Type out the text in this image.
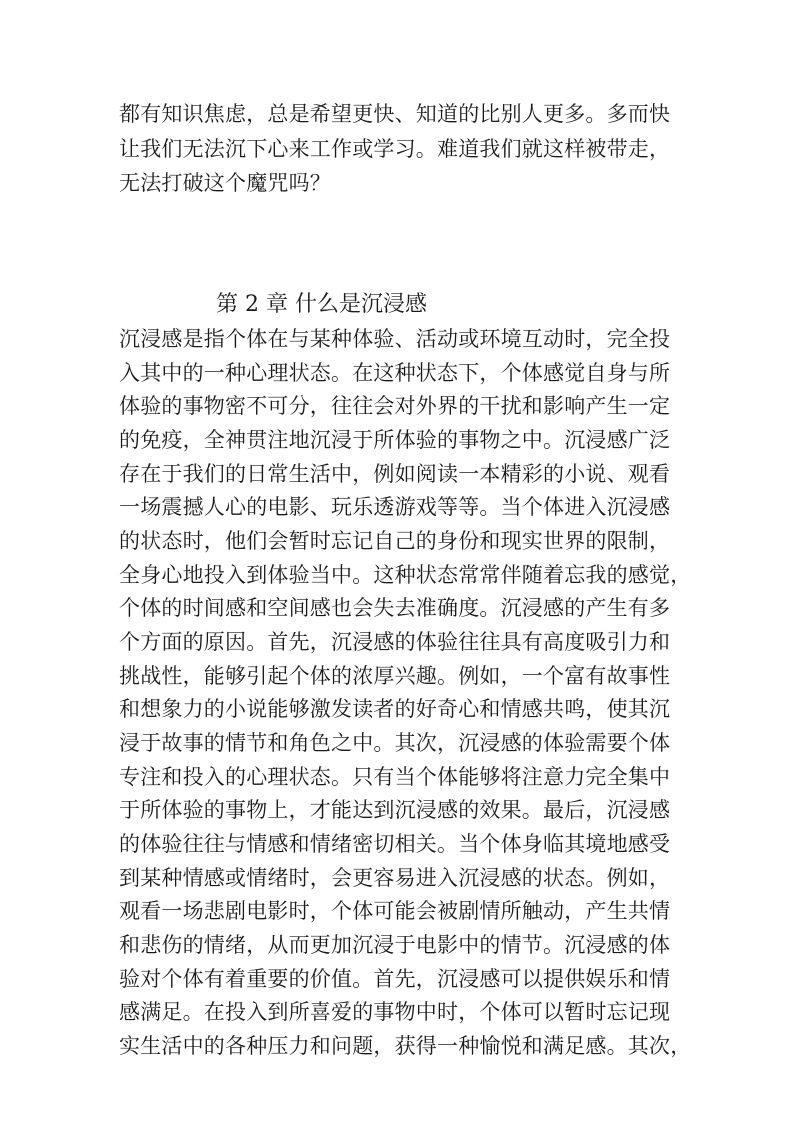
都有知识焦虑，总是希望更快、知道的比别人更多。多而快
让我们无法沉下心来工作或学习。难道我们就这样被带走，
无法打破这个魔咒吗？
第 2 章 什么是沉浸感
沉浸感是指个体在与某种体验、活动或环境互动时，完全投
入其中的一种心理状态。在这种状态下，个体感觉自身与所
体验的事物密不可分，往往会对外界的干扰和影响产生一定
的免疫，全神贯注地沉浸于所体验的事物之中。沉浸感广泛
存在于我们的日常生活中，例如阅读一本精彩的小说、观看
一场震撼人心的电影、玩乐透游戏等等。当个体进入沉浸感
的状态时，他们会暂时忘记自己的身份和现实世界的限制，
全身心地投入到体验当中。这种状态常常伴随着忘我的感觉，
个体的时间感和空间感也会失去准确度。沉浸感的产生有多
个方面的原因。首先，沉浸感的体验往往具有高度吸引力和
挑战性，能够引起个体的浓厚兴趣。例如，一个富有故事性
和想象力的小说能够激发读者的好奇心和情感共鸣，使其沉
浸于故事的情节和角色之中。其次，沉浸感的体验需要个体
专注和投入的心理状态。只有当个体能够将注意力完全集中
于所体验的事物上，才能达到沉浸感的效果。最后，沉浸感
的体验往往与情感和情绪密切相关。当个体身临其境地感受
到某种情感或情绪时，会更容易进入沉浸感的状态。例如，
观看一场悲剧电影时，个体可能会被剧情所触动，产生共情
和悲伤的情绪，从而更加沉浸于电影中的情节。沉浸感的体
验对个体有着重要的价值。首先，沉浸感可以提供娱乐和情
感满足。在投入到所喜爱的事物中时，个体可以暂时忘记现
实生活中的各种压力和问题，获得一种愉悦和满足感。其次，
